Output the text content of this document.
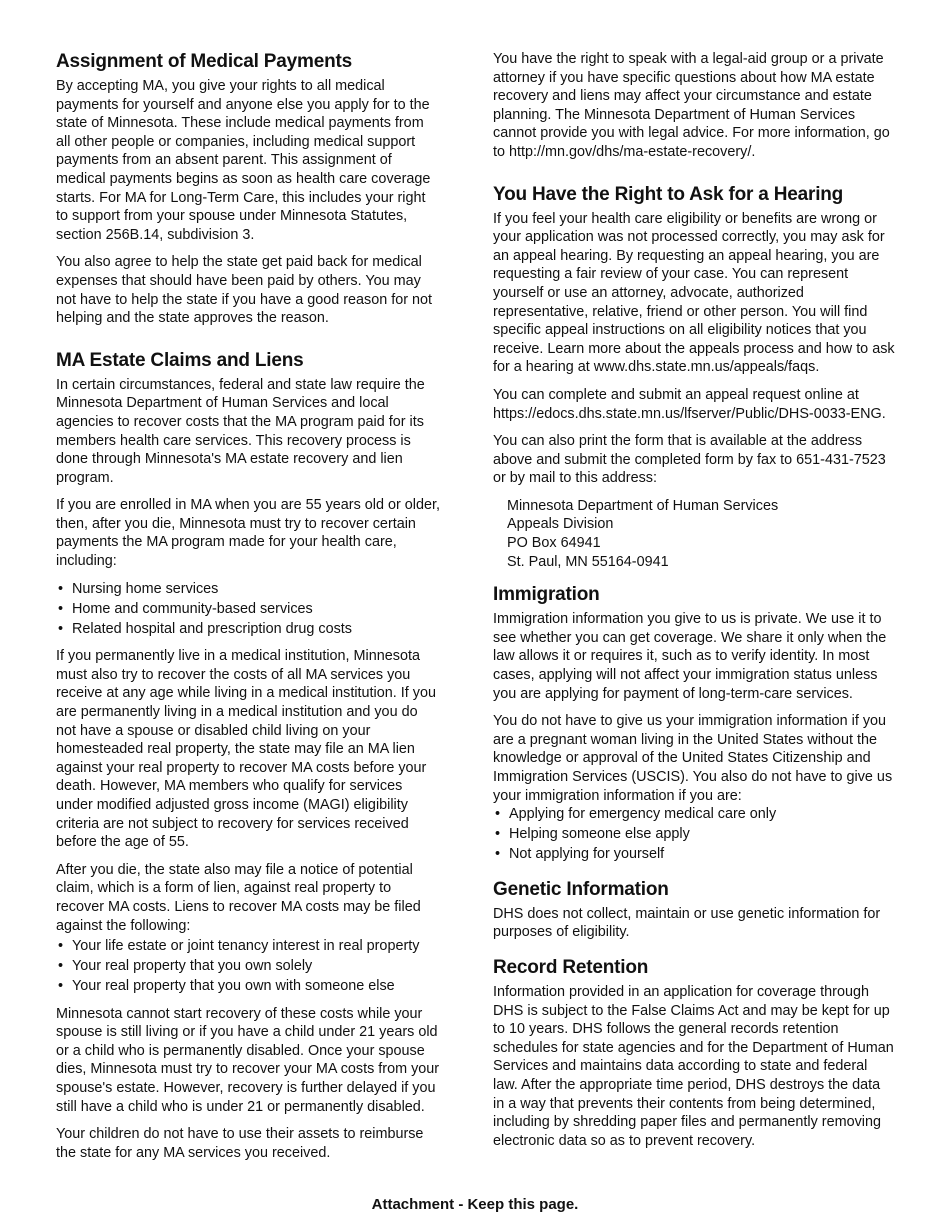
Assignment of Medical Payments

By accepting MA, you give your rights to all medical payments for yourself and anyone else you apply for to the state of Minnesota. These include medical payments from all other people or companies, including medical support payments from an absent parent. This assignment of medical payments begins as soon as health care coverage starts. For MA for Long-Term Care, this includes your right to support from your spouse under Minnesota Statutes, section 256B.14, subdivision 3.

You also agree to help the state get paid back for medical expenses that should have been paid by others. You may not have to help the state if you have a good reason for not helping and the state approves the reason.

MA Estate Claims and Liens

In certain circumstances, federal and state law require the Minnesota Department of Human Services and local agencies to recover costs that the MA program paid for its members health care services. This recovery process is done through Minnesota's MA estate recovery and lien program.

If you are enrolled in MA when you are 55 years old or older, then, after you die, Minnesota must try to recover certain payments the MA program made for your health care, including:

• Nursing home services
• Home and community-based services
• Related hospital and prescription drug costs

If you permanently live in a medical institution, Minnesota must also try to recover the costs of all MA services you receive at any age while living in a medical institution. If you are permanently living in a medical institution and you do not have a spouse or disabled child living on your homesteaded real property, the state may file an MA lien against your real property to recover MA costs before your death. However, MA members who qualify for services under modified adjusted gross income (MAGI) eligibility criteria are not subject to recovery for services received before the age of 55.

After you die, the state also may file a notice of potential claim, which is a form of lien, against real property to recover MA costs. Liens to recover MA costs may be filed against the following:

• Your life estate or joint tenancy interest in real property
• Your real property that you own solely
• Your real property that you own with someone else

Minnesota cannot start recovery of these costs while your spouse is still living or if you have a child under 21 years old or a child who is permanently disabled. Once your spouse dies, Minnesota must try to recover your MA costs from your spouse's estate. However, recovery is further delayed if you still have a child who is under 21 or permanently disabled.

Your children do not have to use their assets to reimburse the state for any MA services you received.

You have the right to speak with a legal-aid group or a private attorney if you have specific questions about how MA estate recovery and liens may affect your circumstance and estate planning. The Minnesota Department of Human Services cannot provide you with legal advice. For more information, go to http://mn.gov/dhs/ma-estate-recovery/.

You Have the Right to Ask for a Hearing

If you feel your health care eligibility or benefits are wrong or your application was not processed correctly, you may ask for an appeal hearing. By requesting an appeal hearing, you are requesting a fair review of your case. You can represent yourself or use an attorney, advocate, authorized representative, relative, friend or other person. You will find specific appeal instructions on all eligibility notices that you receive. Learn more about the appeals process and how to ask for a hearing at www.dhs.state.mn.us/appeals/faqs.

You can complete and submit an appeal request online at https://edocs.dhs.state.mn.us/lfserver/Public/DHS-0033-ENG.

You can also print the form that is available at the address above and submit the completed form by fax to 651-431-7523 or by mail to this address:

Minnesota Department of Human Services
Appeals Division
PO Box 64941
St. Paul, MN 55164-0941
Immigration

Immigration information you give to us is private. We use it to see whether you can get coverage. We share it only when the law allows it or requires it, such as to verify identity. In most cases, applying will not affect your immigration status unless you are applying for payment of long-term-care services.

You do not have to give us your immigration information if you are a pregnant woman living in the United States without the knowledge or approval of the United States Citizenship and Immigration Services (USCIS). You also do not have to give us your immigration information if you are:

• Applying for emergency medical care only
• Helping someone else apply
• Not applying for yourself
Genetic Information

DHS does not collect, maintain or use genetic information for purposes of eligibility.

Record Retention

Information provided in an application for coverage through DHS is subject to the False Claims Act and may be kept for up to 10 years. DHS follows the general records retention schedules for state agencies and for the Department of Human Services and maintains data according to state and federal law. After the appropriate time period, DHS destroys the data in a way that prevents their contents from being determined, including by shredding paper files and permanently removing electronic data so as to prevent recovery.

Attachment - Keep this page.
